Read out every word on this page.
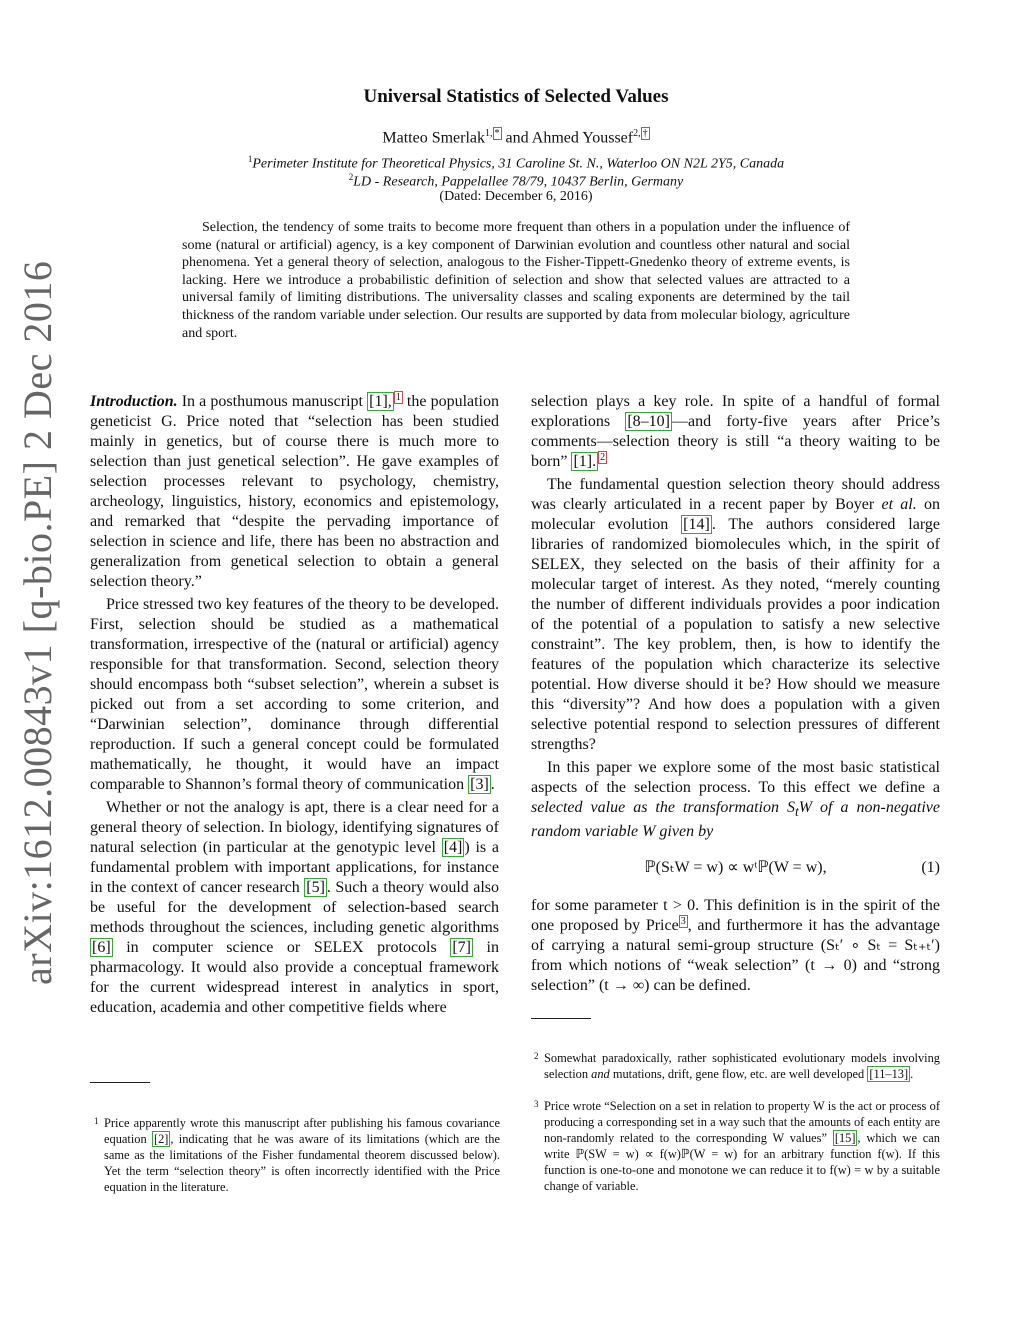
arXiv:1612.00843v1 [q-bio.PE] 2 Dec 2016
Universal Statistics of Selected Values
Matteo Smerlak$^{1,}$ * and Ahmed Youssef$^{2,}$ †
$^1$Perimeter Institute for Theoretical Physics, 31 Caroline St. N., Waterloo ON N2L 2Y5, Canada
$^2$LD - Research, Pappelallee 78/79, 10437 Berlin, Germany
(Dated: December 6, 2016)

Selection, the tendency of some traits to become more frequent than others in a population under the influence of some (natural or artificial) agency, is a key component of Darwinian evolution and countless other natural and social phenomena. Yet a general theory of selection, analogous to the Fisher-Tippett-Gnedenko theory of extreme events, is lacking. Here we introduce a probabilistic definition of selection and show that selected values are attracted to a universal family of limiting distributions. The universality classes and scaling exponents are determined by the tail thickness of the random variable under selection. Our results are supported by data from molecular biology, agriculture and sport.

Introduction. In a posthumous manuscript [1], $^1$ the population geneticist G. Price noted that “selection has been studied mainly in genetics, but of course there is much more to selection than just genetical selection”. He gave examples of selection processes relevant to psychology, chemistry, archeology, linguistics, history, economics and epistemology, and remarked that “despite the pervading importance of selection in science and life, there has been no abstraction and generalization from genetical selection to obtain a general selection theory.”

Price stressed two key features of the theory to be developed. First, selection should be studied as a mathematical transformation, irrespective of the (natural or artificial) agency responsible for that transformation. Second, selection theory should encompass both “subset selection”, wherein a subset is picked out from a set according to some criterion, and “Darwinian selection”, dominance through differential reproduction. If such a general concept could be formulated mathematically, he thought, it would have an impact comparable to Shannon’s formal theory of communication [3] .

Whether or not the analogy is apt, there is a clear need for a general theory of selection. In biology, identifying signatures of natural selection (in particular at the genotypic level [4] ) is a fundamental problem with important applications, for instance in the context of cancer research [5] . Such a theory would also be useful for the development of selection-based search methods throughout the sciences, including genetic algorithms [6] in computer science or SELEX protocols [7] in pharmacology. It would also provide a conceptual framework for the current widespread interest in analytics in sport, education, academia and other competitive fields where

selection plays a key role. In spite of a handful of formal explorations [8–10] —and forty-five years after Price’s comments—selection theory is still “a theory waiting to be born” [1]. $^2$

The fundamental question selection theory should address was clearly articulated in a recent paper by Boyer et al. on molecular evolution [14] . The authors considered large libraries of randomized biomolecules which, in the spirit of SELEX, they selected on the basis of their affinity for a molecular target of interest. As they noted, “merely counting the number of different individuals provides a poor indication of the potential of a population to satisfy a new selective constraint”. The key problem, then, is how to identify the features of the population which characterize its selective potential. How diverse should it be? How should we measure this “diversity”? And how does a population with a given selective potential respond to selection pressures of different strengths?

In this paper we explore some of the most basic statistical aspects of the selection process. To this effect we define a selected value as the transformation $S_tW$ of a non-negative random variable W given by

ℙ(SₜW = w) ∝ wᵗℙ(W = w),	(1)

for some parameter t > 0. This definition is in the spirit of the one proposed by Price $^3$ , and furthermore it has the advantage of carrying a natural semi-group structure (Sₜ′ ∘ Sₜ = Sₜ₊ₜ′) from which notions of “weak selection” (t → 0) and “strong selection” (t → ∞) can be defined.

1 Price apparently wrote this manuscript after publishing his famous covariance equation [2] , indicating that he was aware of its limitations (which are the same as the limitations of the Fisher fundamental theorem discussed below). Yet the term “selection theory” is often incorrectly identified with the Price equation in the literature.
2 Somewhat paradoxically, rather sophisticated evolutionary models involving selection and mutations, drift, gene flow, etc. are well developed [11–13] .
3 Price wrote “Selection on a set in relation to property W is the act or process of producing a corresponding set in a way such that the amounts of each entity are non-randomly related to the corresponding W values” [15] , which we can write ℙ(SW = w) ∝ f(w)ℙ(W = w) for an arbitrary function f(w). If this function is one-to-one and monotone we can reduce it to f(w) = w by a suitable change of variable.
